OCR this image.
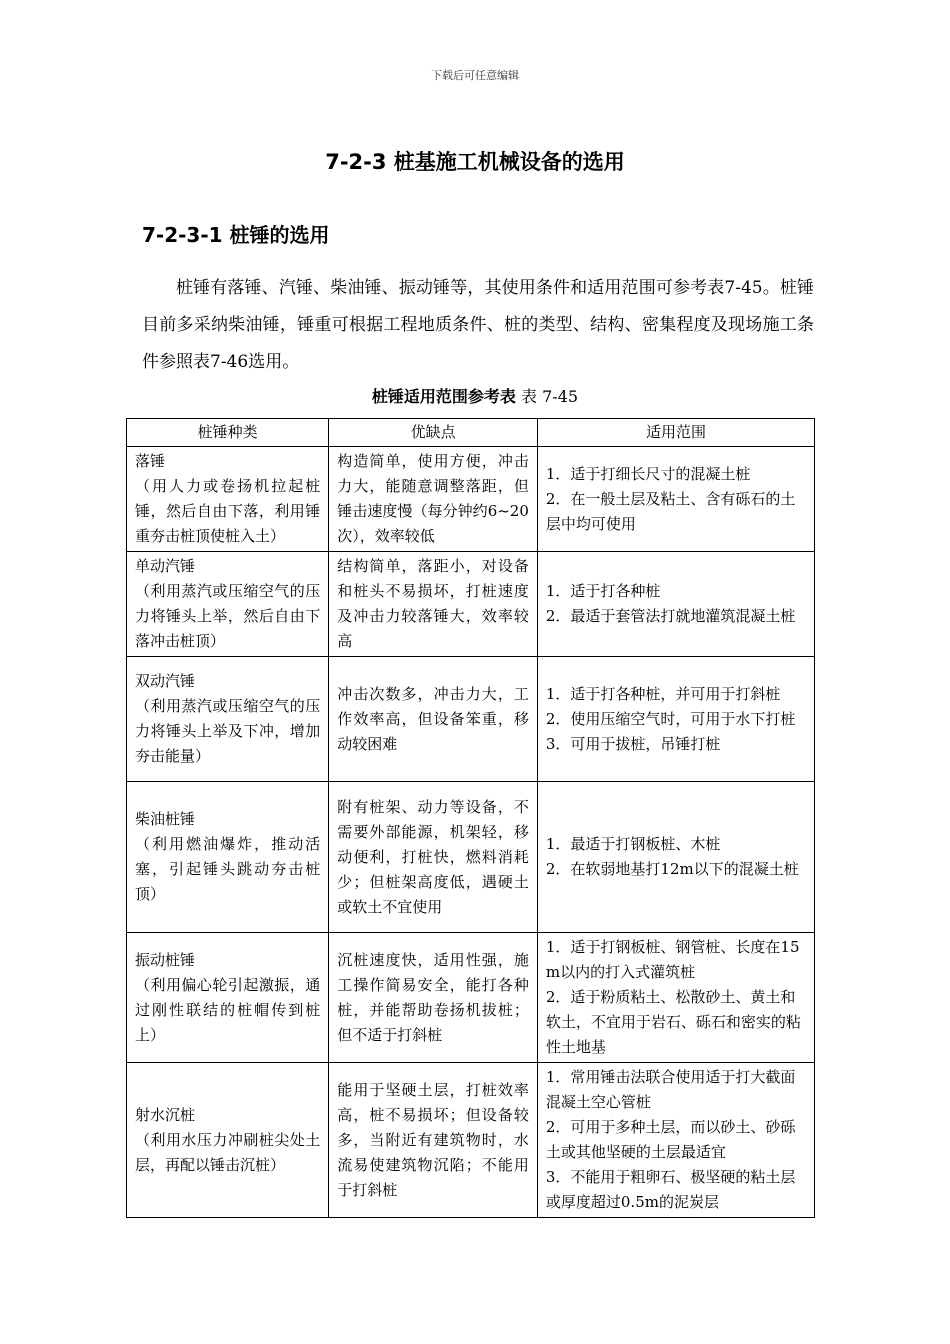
下载后可任意编辑
7-2-3 桩基施工机械设备的选用
7-2-3-1 桩锤的选用
桩锤有落锤、汽锤、柴油锤、振动锤等，其使用条件和适用范围可参考表7-45。桩锤目前多采纳柴油锤，锤重可根据工程地质条件、桩的类型、结构、密集程度及现场施工条件参照表7-46选用。
桩锤适用范围参考表 表 7-45
桩锤种类	优缺点	适用范围

落锤
（用人力或卷扬机拉起桩锤，然后自由下落，利用锤重夯击桩顶使桩入土）	构造简单，使用方便，冲击力大，能随意调整落距，但锤击速度慢（每分钟约6~20次），效率较低	1．适于打细长尺寸的混凝土桩
2．在一般土层及粘土、含有砾石的土层中均可使用

单动汽锤
（利用蒸汽或压缩空气的压力将锤头上举，然后自由下落冲击桩顶）	结构简单，落距小，对设备和桩头不易损坏，打桩速度及冲击力较落锤大，效率较高	1．适于打各种桩
2．最适于套管法打就地灌筑混凝土桩

双动汽锤
（利用蒸汽或压缩空气的压力将锤头上举及下冲，增加夯击能量）	冲击次数多，冲击力大，工作效率高，但设备笨重，移动较困难	1．适于打各种桩，并可用于打斜桩
2．使用压缩空气时，可用于水下打桩
3．可用于拔桩，吊锤打桩

柴油桩锤
（利用燃油爆炸，推动活塞，引起锤头跳动夯击桩顶）	附有桩架、动力等设备，不需要外部能源，机架轻，移动便利，打桩快，燃料消耗少；但桩架高度低，遇硬土或软土不宜使用	1．最适于打钢板桩、木桩
2．在软弱地基打12m以下的混凝土桩

振动桩锤
（利用偏心轮引起激振，通过刚性联结的桩帽传到桩上）	沉桩速度快，适用性强，施工操作简易安全，能打各种桩，并能帮助卷扬机拔桩；但不适于打斜桩	1．适于打钢板桩、钢管桩、长度在15m以内的打入式灌筑桩
2．适于粉质粘土、松散砂土、黄土和软土，不宜用于岩石、砾石和密实的粘性土地基

射水沉桩
（利用水压力冲刷桩尖处土层，再配以锤击沉桩）	能用于坚硬土层，打桩效率高，桩不易损坏；但设备较多，当附近有建筑物时，水流易使建筑物沉陷；不能用于打斜桩	1．常用锤击法联合使用适于打大截面混凝土空心管桩
2．可用于多种土层，而以砂土、砂砾土或其他坚硬的土层最适宜
3．不能用于粗卵石、极坚硬的粘土层或厚度超过0.5m的泥炭层
